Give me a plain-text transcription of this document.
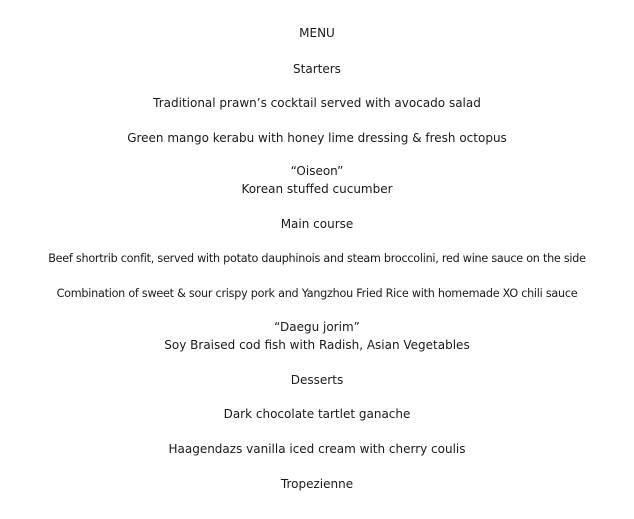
MENU
Starters
Traditional prawn’s cocktail served with avocado salad
Green mango kerabu with honey lime dressing & fresh octopus
“Oiseon”
Korean stuffed cucumber
Main course
Beef shortrib confit, served with potato dauphinois and steam broccolini, red wine sauce on the side
Combination of sweet & sour crispy pork and Yangzhou Fried Rice with homemade XO chili sauce
“Daegu jorim”
Soy Braised cod fish with Radish, Asian Vegetables
Desserts
Dark chocolate tartlet ganache
Haagendazs vanilla iced cream with cherry coulis
Tropezienne
